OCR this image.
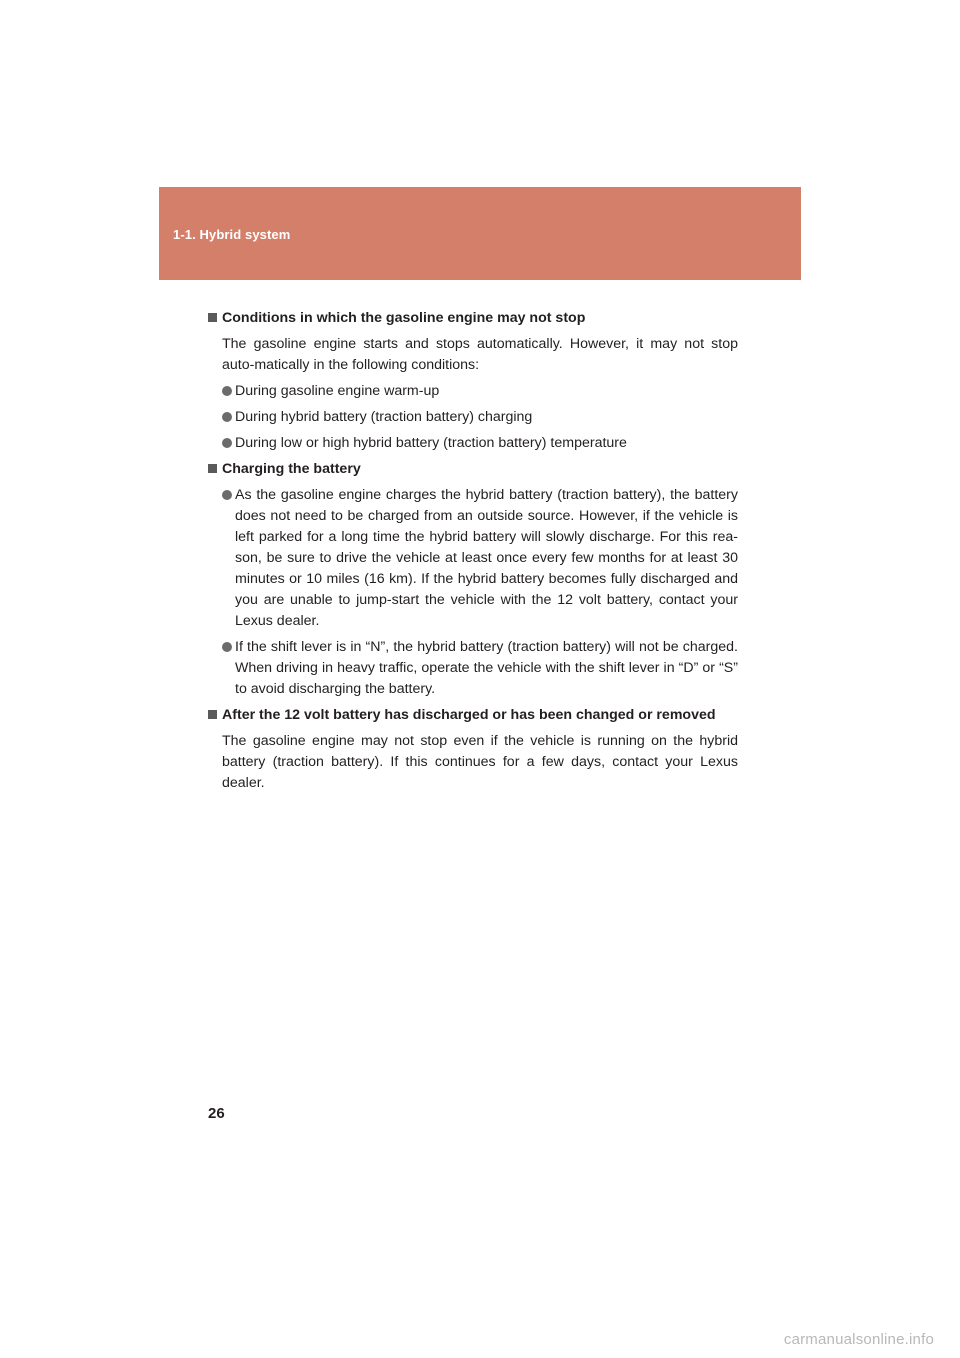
1-1. Hybrid system

Conditions in which the gasoline engine may not stop

The gasoline engine starts and stops automatically. However, it may not stop auto-matically in the following conditions:

During gasoline engine warm-up
During hybrid battery (traction battery) charging
During low or high hybrid battery (traction battery) temperature

Charging the battery

As the gasoline engine charges the hybrid battery (traction battery), the battery does not need to be charged from an outside source. However, if the vehicle is left parked for a long time the hybrid battery will slowly discharge. For this rea-son, be sure to drive the vehicle at least once every few months for at least 30 minutes or 10 miles (16 km). If the hybrid battery becomes fully discharged and you are unable to jump-start the vehicle with the 12 volt battery, contact your Lexus dealer.
If the shift lever is in “N”, the hybrid battery (traction battery) will not be charged. When driving in heavy traffic, operate the vehicle with the shift lever in “D” or “S” to avoid discharging the battery.

After the 12 volt battery has discharged or has been changed or removed

The gasoline engine may not stop even if the vehicle is running on the hybrid battery (traction battery). If this continues for a few days, contact your Lexus dealer.

26
carmanualsonline.info
